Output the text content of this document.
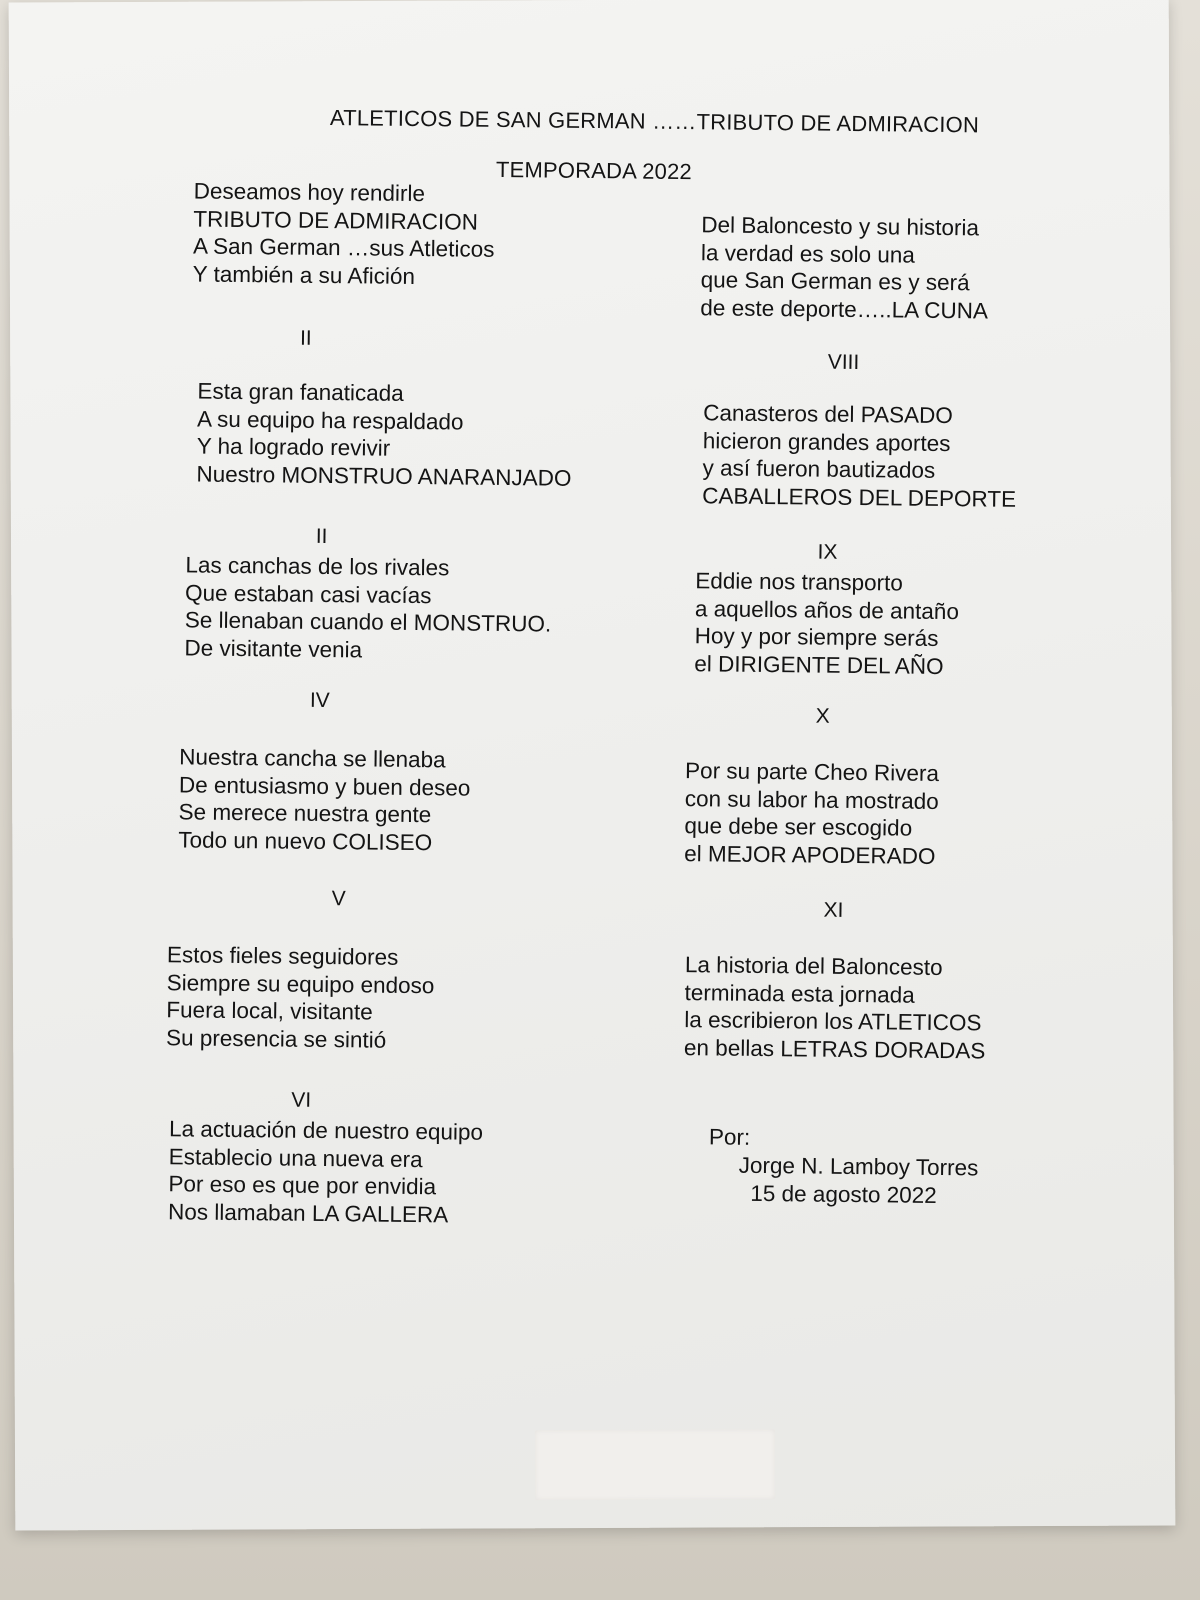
ATLETICOS DE SAN GERMAN ……TRIBUTO DE ADMIRACION
TEMPORADA 2022
Deseamos hoy rendirle
TRIBUTO DE ADMIRACION
A San German …sus Atleticos
Y también a su Afición
II
Esta gran fanaticada
A su equipo ha respaldado
Y ha logrado revivir
Nuestro MONSTRUO ANARANJADO
II
Las canchas de los rivales
Que estaban casi vacías
Se llenaban cuando el MONSTRUO.
De visitante venia
IV
Nuestra cancha se llenaba
De entusiasmo y buen deseo
Se merece nuestra gente
Todo un nuevo COLISEO
V
Estos fieles seguidores
Siempre su equipo endoso
Fuera local, visitante
Su presencia se sintió
VI
La actuación de nuestro equipo
Establecio una nueva era
Por eso es que por envidia
Nos llamaban LA GALLERA
Del Baloncesto y su historia
la verdad es solo una
que San German es y será
de este deporte…..LA CUNA
VIII
Canasteros del PASADO
hicieron grandes aportes
y así fueron bautizados
CABALLEROS DEL DEPORTE
IX
Eddie nos transporto
a aquellos años de antaño
Hoy y por siempre serás
el DIRIGENTE DEL AÑO
X
Por su parte Cheo Rivera
con su labor ha mostrado
que debe ser escogido
el MEJOR APODERADO
XI
La historia del Baloncesto
terminada esta jornada
la escribieron los ATLETICOS
en bellas LETRAS DORADAS
Por:
Jorge N. Lamboy Torres
15 de agosto 2022
